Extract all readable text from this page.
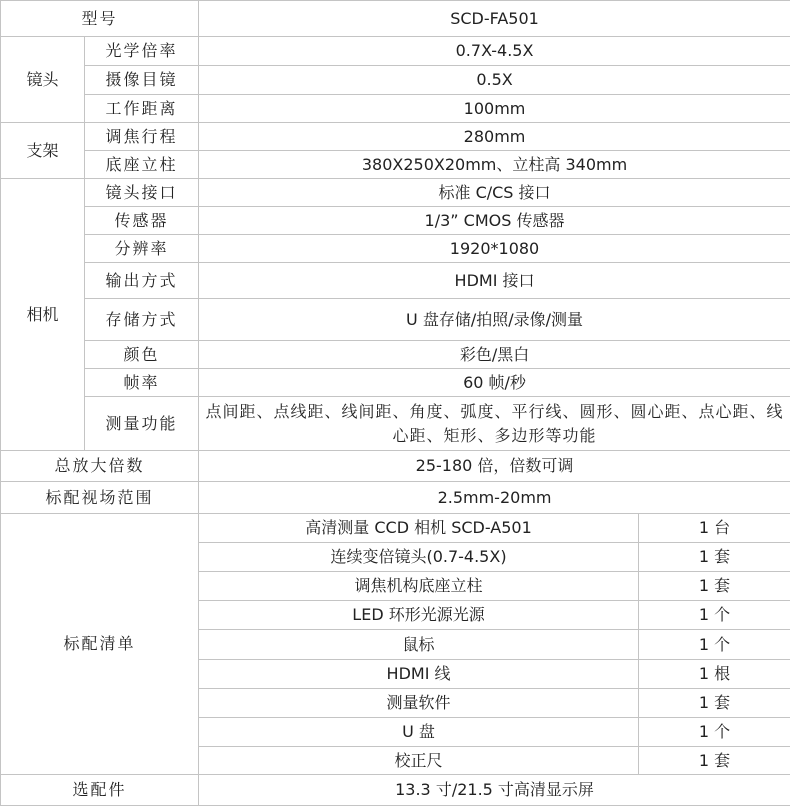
型号		SCD-FA501	
镜头	光学倍率	0.7X-4.5X	
	摄像目镜	0.5X	
	工作距离	100mm	
支架	调焦行程	280mm	
	底座立柱	380X250X20mm、立柱高 340mm	
相机	镜头接口	标准 C/CS 接口	
	传感器	1/3” CMOS 传感器	
	分辨率	1920*1080	
	输出方式	HDMI 接口	
	存储方式	U 盘存储/拍照/录像/测量	
	颜色	彩色/黑白	
	帧率	60 帧/秒	
	测量功能	点间距、点线距、线间距、角度、弧度、平行线、圆形、圆心距、点心距、线心距、矩形、多边形等功能	
总放大倍数		25-180 倍，倍数可调	
标配视场范围		2.5mm-20mm	
标配清单		高清测量 CCD 相机 SCD-A501	1 台
		连续变倍镜头(0.7-4.5X)	1 套
		调焦机构底座立柱	1 套
		LED 环形光源光源	1 个
		鼠标	1 个
		HDMI 线	1 根
		测量软件	1 套
		U 盘	1 个
		校正尺	1 套
选配件		13.3 寸/21.5 寸高清显示屏	
